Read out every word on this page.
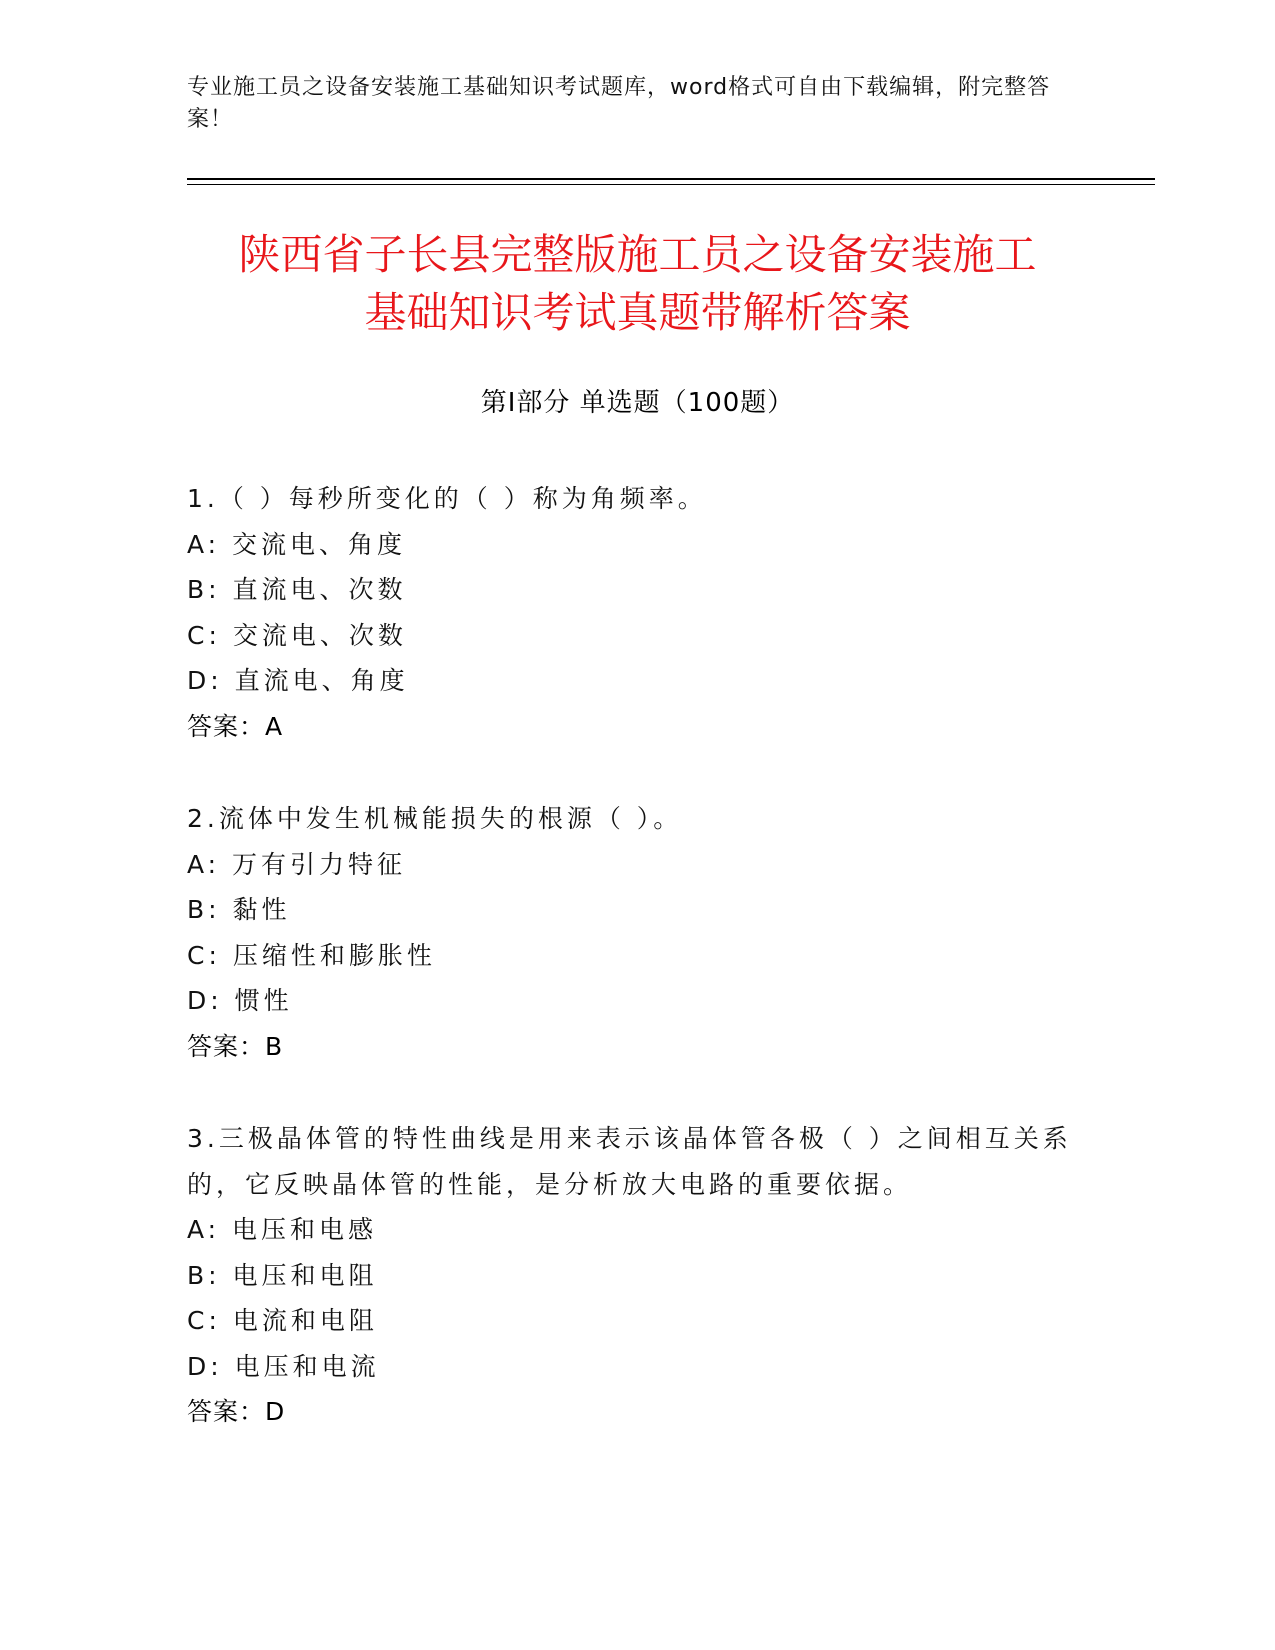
专业施工员之设备安装施工基础知识考试题库，word格式可自由下载编辑，附完整答案！
陕西省子长县完整版施工员之设备安装施工
基础知识考试真题带解析答案
第Ⅰ部分 单选题（100题）
1.（ ）每秒所变化的（ ）称为角频率。
A: 交流电、角度
B: 直流电、次数
C: 交流电、次数
D: 直流电、角度
答案：A
2.流体中发生机械能损失的根源（ ）。
A: 万有引力特征
B: 黏性
C: 压缩性和膨胀性
D: 惯性
答案：B
3.三极晶体管的特性曲线是用来表示该晶体管各极（ ）之间相互关系的，它反映晶体管的性能，是分析放大电路的重要依据。
A: 电压和电感
B: 电压和电阻
C: 电流和电阻
D: 电压和电流
答案：D
